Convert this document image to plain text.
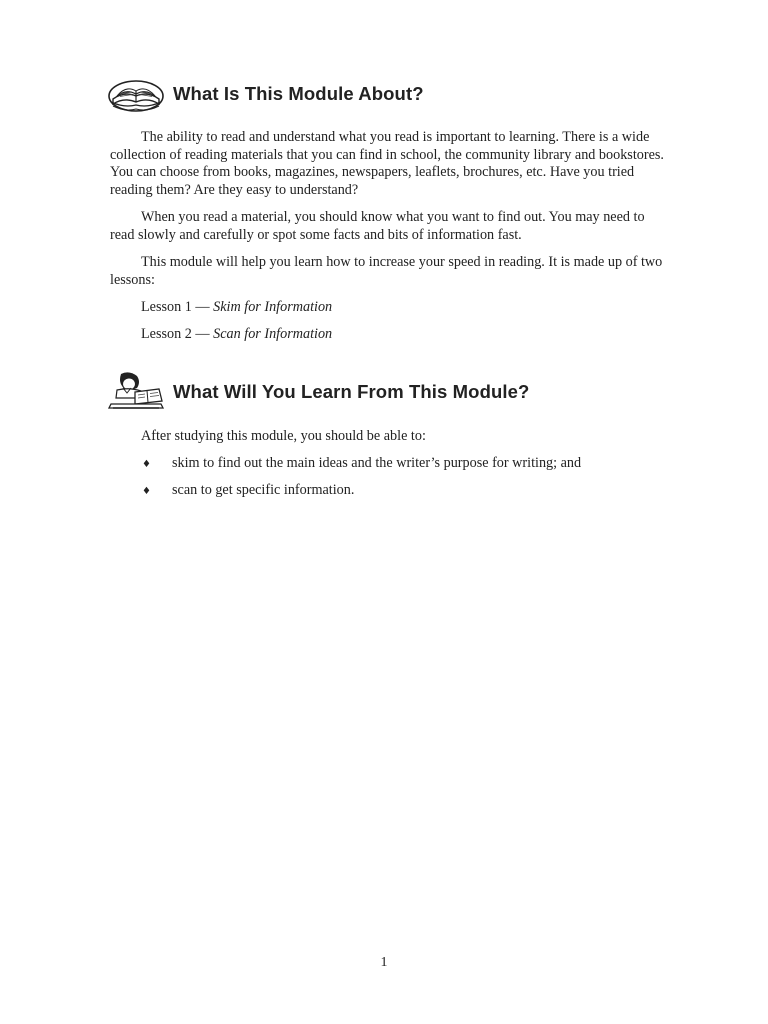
What Is This Module About?

The ability to read and understand what you read is important to learning. There is a wide collection of reading materials that you can find in school, the community library and bookstores. You can choose from books, magazines, newspapers, leaflets, brochures, etc. Have you tried reading them? Are they easy to understand?

When you read a material, you should know what you want to find out. You may need to read slowly and carefully or spot some facts and bits of information fast.

This module will help you learn how to increase your speed in reading. It is made up of two lessons:

Lesson 1 — Skim for Information

Lesson 2 — Scan for Information

What Will You Learn From This Module?

After studying this module, you should be able to:

♦	skim to find out the main ideas and the writer’s purpose for writing; and
♦	scan to get specific information.
1
